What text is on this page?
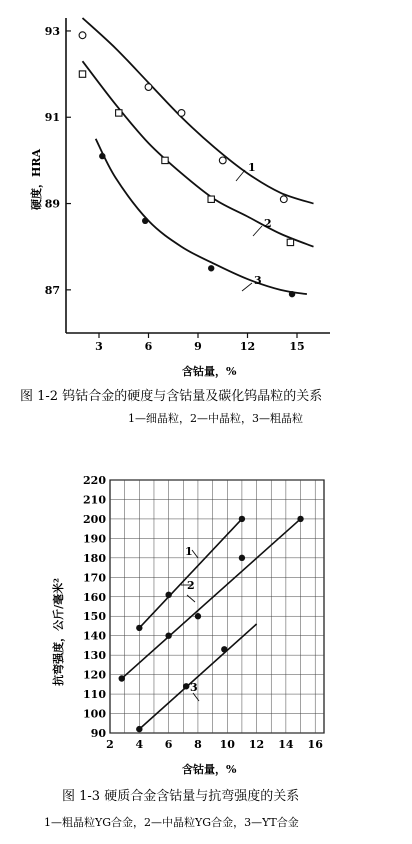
3	6	9	12	15
87
89
91
93
1
2
3
硬度，HRA
含钴量，%
图 1-2 钨钴合金的硬度与含钴量及碳化钨晶粒的关系
1—细晶粒，2—中晶粒，3—粗晶粒
2 4 6 8 10 12 14 16
90
100
110
120
130
140
150
160
170
180
190
200
210
220
1
2
3
抗弯强度，公斤/毫米²
含钴量，%
图 1-3 硬质合金含钴量与抗弯强度的关系
1—粗晶粒YG合金，2—中晶粒YG合金，3—YT合金
